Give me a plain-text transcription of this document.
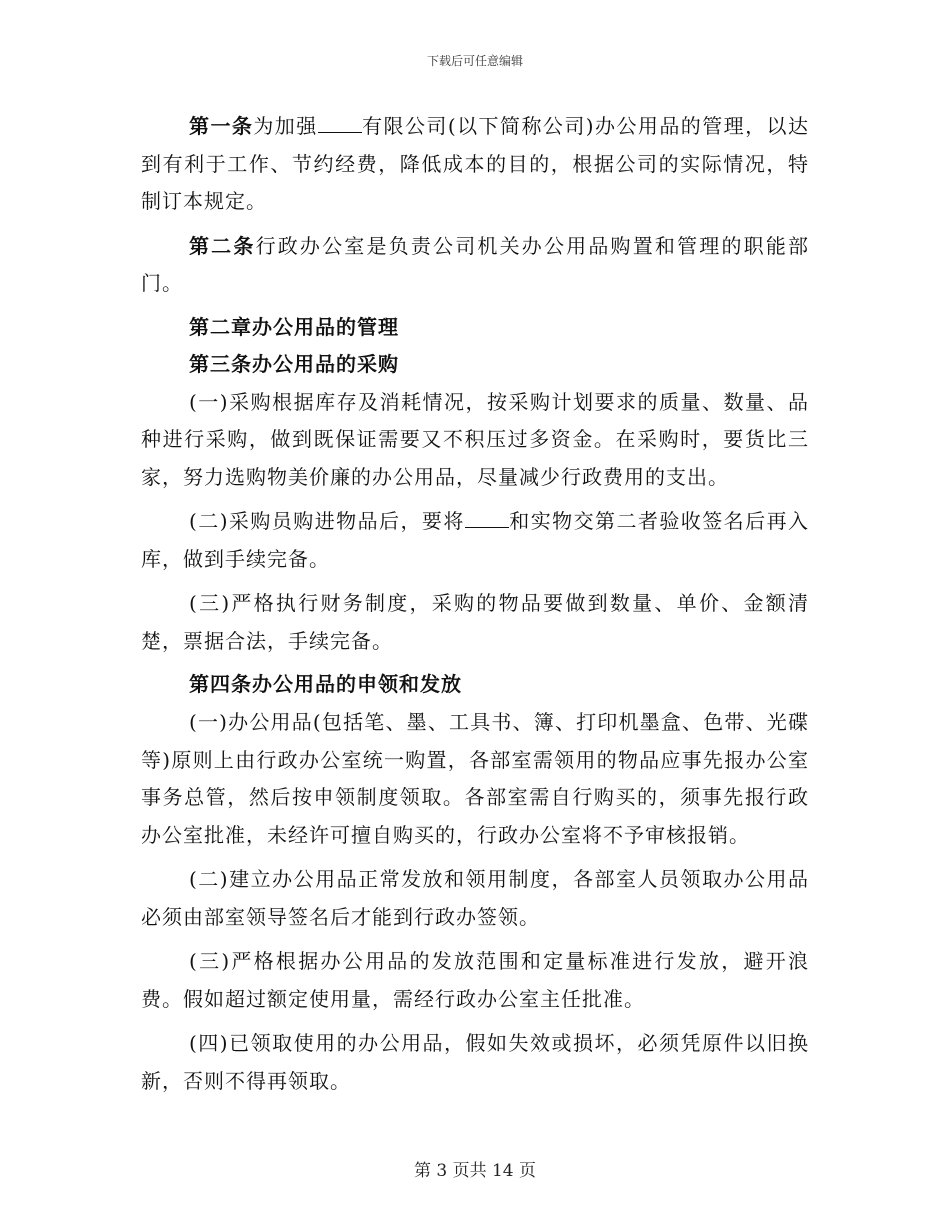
下载后可任意编辑

第一条为加强 有限公司(以下简称公司)办公用品的管理，以达到有利于工作、节约经费，降低成本的目的，根据公司的实际情况，特制订本规定。

第二条行政办公室是负责公司机关办公用品购置和管理的职能部门。

第二章办公用品的管理

第三条办公用品的采购

(一)采购根据库存及消耗情况，按采购计划要求的质量、数量、品种进行采购，做到既保证需要又不积压过多资金。在采购时，要货比三家，努力选购物美价廉的办公用品，尽量减少行政费用的支出。

(二)采购员购进物品后，要将 和实物交第二者验收签名后再入库，做到手续完备。

(三)严格执行财务制度，采购的物品要做到数量、单价、金额清楚，票据合法，手续完备。

第四条办公用品的申领和发放

(一)办公用品(包括笔、墨、工具书、簿、打印机墨盒、色带、光碟等)原则上由行政办公室统一购置，各部室需领用的物品应事先报办公室事务总管，然后按申领制度领取。各部室需自行购买的，须事先报行政办公室批准，未经许可擅自购买的，行政办公室将不予审核报销。

(二)建立办公用品正常发放和领用制度，各部室人员领取办公用品必须由部室领导签名后才能到行政办签领。

(三)严格根据办公用品的发放范围和定量标准进行发放，避开浪费。假如超过额定使用量，需经行政办公室主任批准。

(四)已领取使用的办公用品，假如失效或损坏，必须凭原件以旧换新，否则不得再领取。

第 3 页共 14 页
